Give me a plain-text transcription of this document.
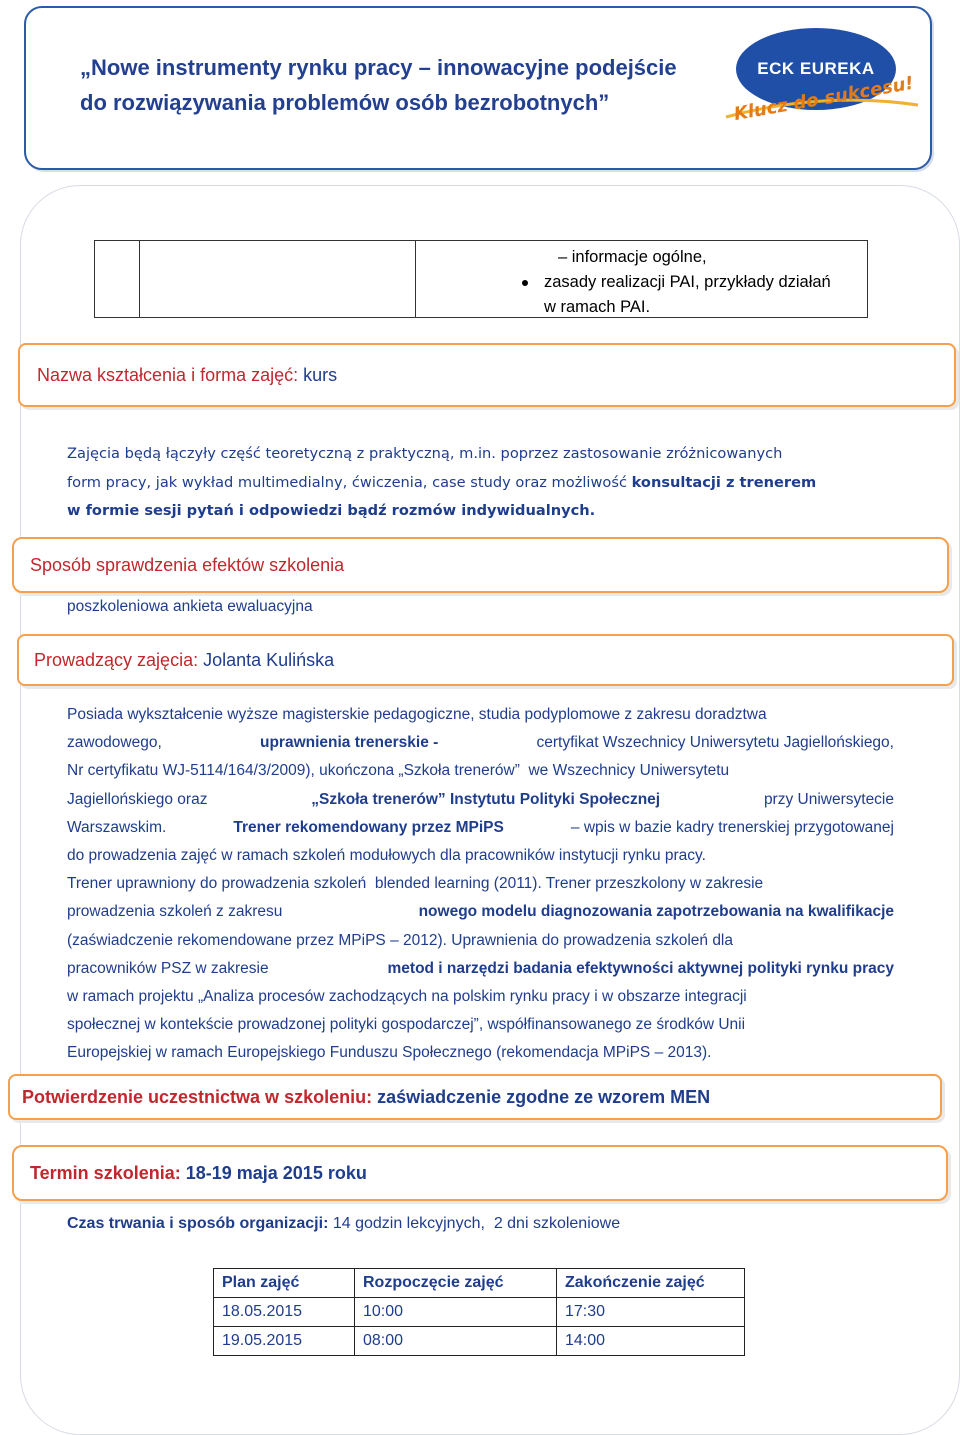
„Nowe instrumenty rynku pracy – innowacyjne podejście
do rozwiązywania problemów osób bezrobotnych”
ECK EUREKA
Klucz do sukcesu!
– informacje ogólne,
zasady realizacji PAI, przykłady działań
w ramach PAI.
Nazwa kształcenia i forma zajęć: kurs
Zajęcia będą łączyły część teoretyczną z praktyczną, m.in. poprzez zastosowanie zróżnicowanych
form pracy, jak wykład multimedialny, ćwiczenia, case study oraz możliwość konsultacji z trenerem
w formie sesji pytań i odpowiedzi bądź rozmów indywidualnych.
Sposób sprawdzenia efektów szkolenia
poszkoleniowa ankieta ewaluacyjna
Prowadzący zajęcia: Jolanta Kulińska
Posiada wykształcenie wyższe magisterskie pedagogiczne, studia podyplomowe z zakresu doradztwa
zawodowego,	uprawnienia trenerskie -	certyfikat Wszechnicy Uniwersytetu Jagiellońskiego,
Nr certyfikatu WJ-5114/164/3/2009), ukończona „Szkoła trenerów”  we Wszechnicy Uniwersytetu
Jagiellońskiego oraz	„Szkoła trenerów” Instytutu Polityki Społecznej	przy Uniwersytecie
Warszawskim.	Trener rekomendowany przez MPiPS	– wpis w bazie kadry trenerskiej przygotowanej
do prowadzenia zajęć w ramach szkoleń modułowych dla pracowników instytucji rynku pracy.
Trener uprawniony do prowadzenia szkoleń  blended learning (2011). Trener przeszkolony w zakresie
prowadzenia szkoleń z zakresu	nowego modelu diagnozowania zapotrzebowania na kwalifikacje
(zaświadczenie rekomendowane przez MPiPS – 2012). Uprawnienia do prowadzenia szkoleń dla
pracowników PSZ w zakresie	metod i narzędzi badania efektywności aktywnej polityki rynku pracy
w ramach projektu „Analiza procesów zachodzących na polskim rynku pracy i w obszarze integracji
społecznej w kontekście prowadzonej polityki gospodarczej”, współfinansowanego ze środków Unii
Europejskiej w ramach Europejskiego Funduszu Społecznego (rekomendacja MPiPS – 2013).
Potwierdzenie uczestnictwa w szkoleniu: zaświadczenie zgodne ze wzorem MEN
Termin szkolenia: 18-19 maja 2015 roku
Czas trwania i sposób organizacji: 14 godzin lekcyjnych,  2 dni szkoleniowe
Plan zajęć	Rozpoczęcie zajęć	Zakończenie zajęć
18.05.2015	10:00	17:30
19.05.2015	08:00	14:00
